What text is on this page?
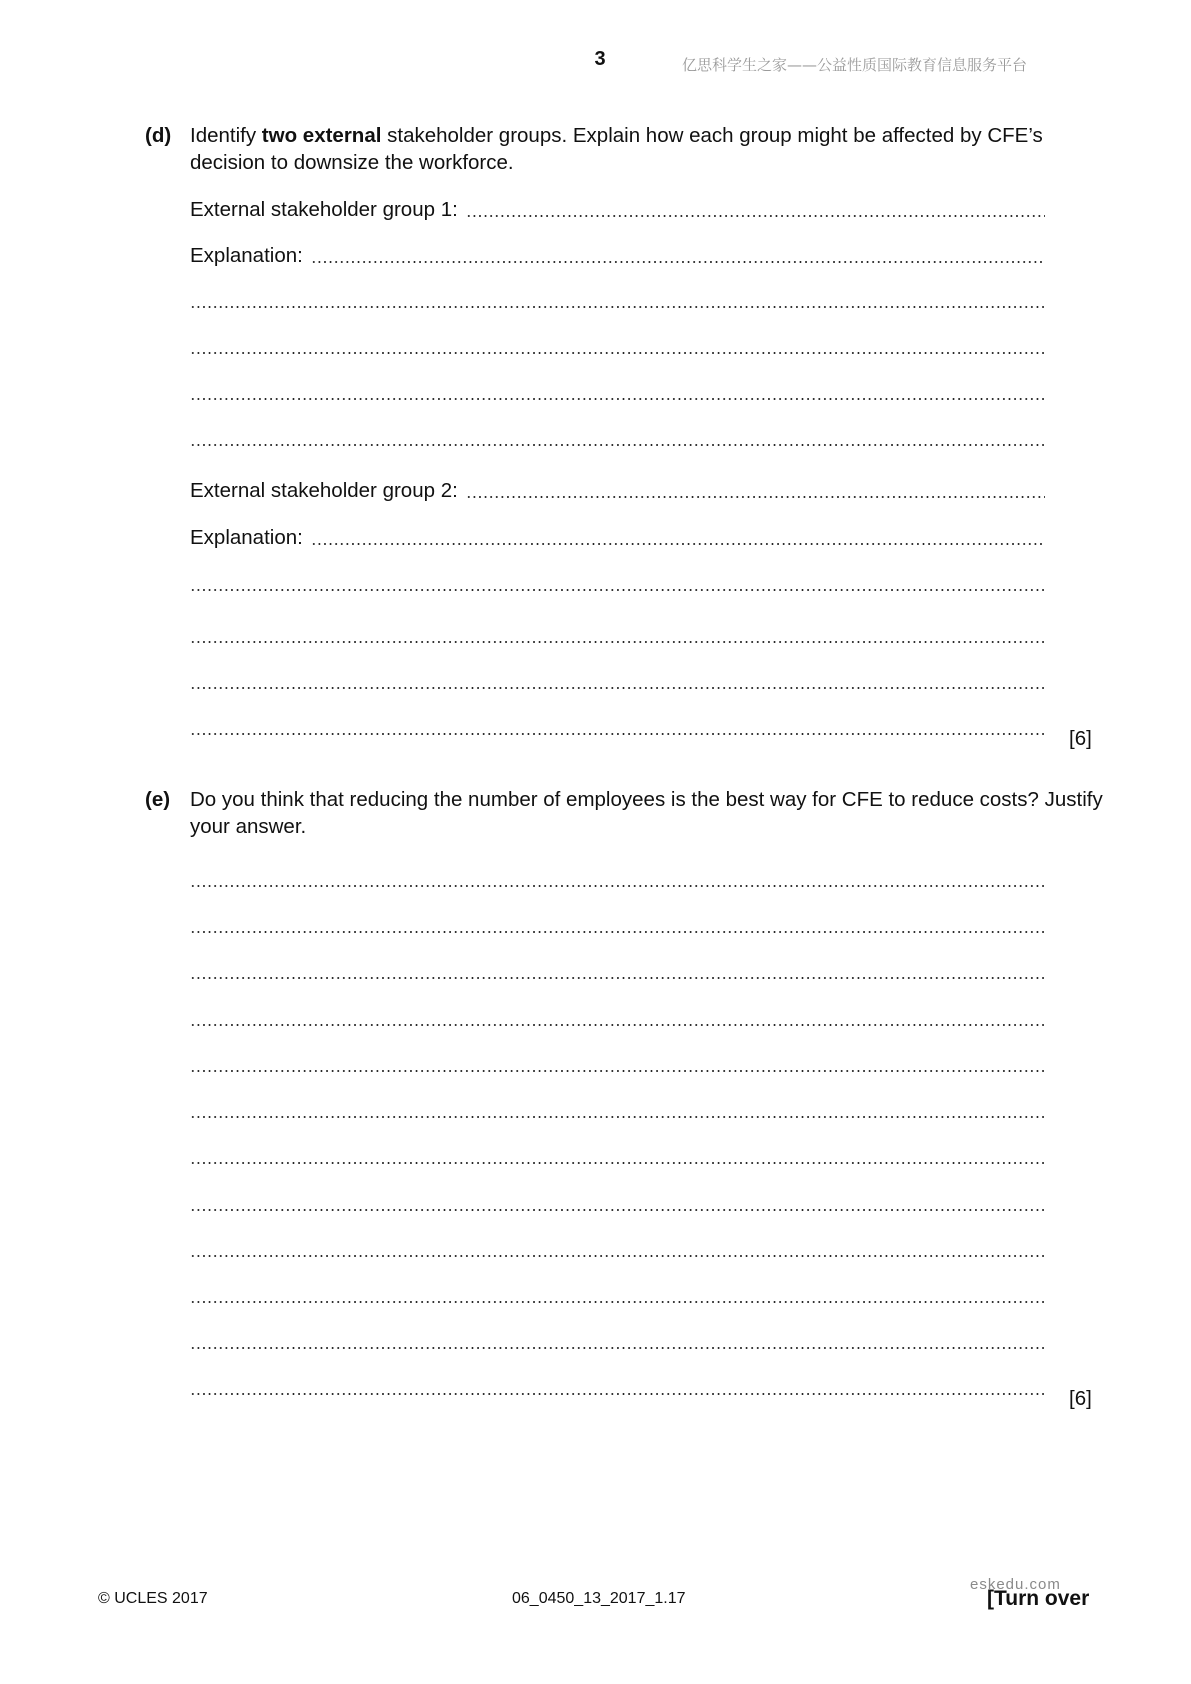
3	亿思科学生之家——公益性质国际教育信息服务平台
(d) Identify two external stakeholder groups. Explain how each group might be affected by CFE’s decision to downsize the workforce.
External stakeholder group 1:
Explanation:
External stakeholder group 2:
Explanation:
[6]
(e) Do you think that reducing the number of employees is the best way for CFE to reduce costs? Justify your answer.
[6]
© UCLES 2017	06_0450_13_2017_1.17
eskedu.com
[Turn over
